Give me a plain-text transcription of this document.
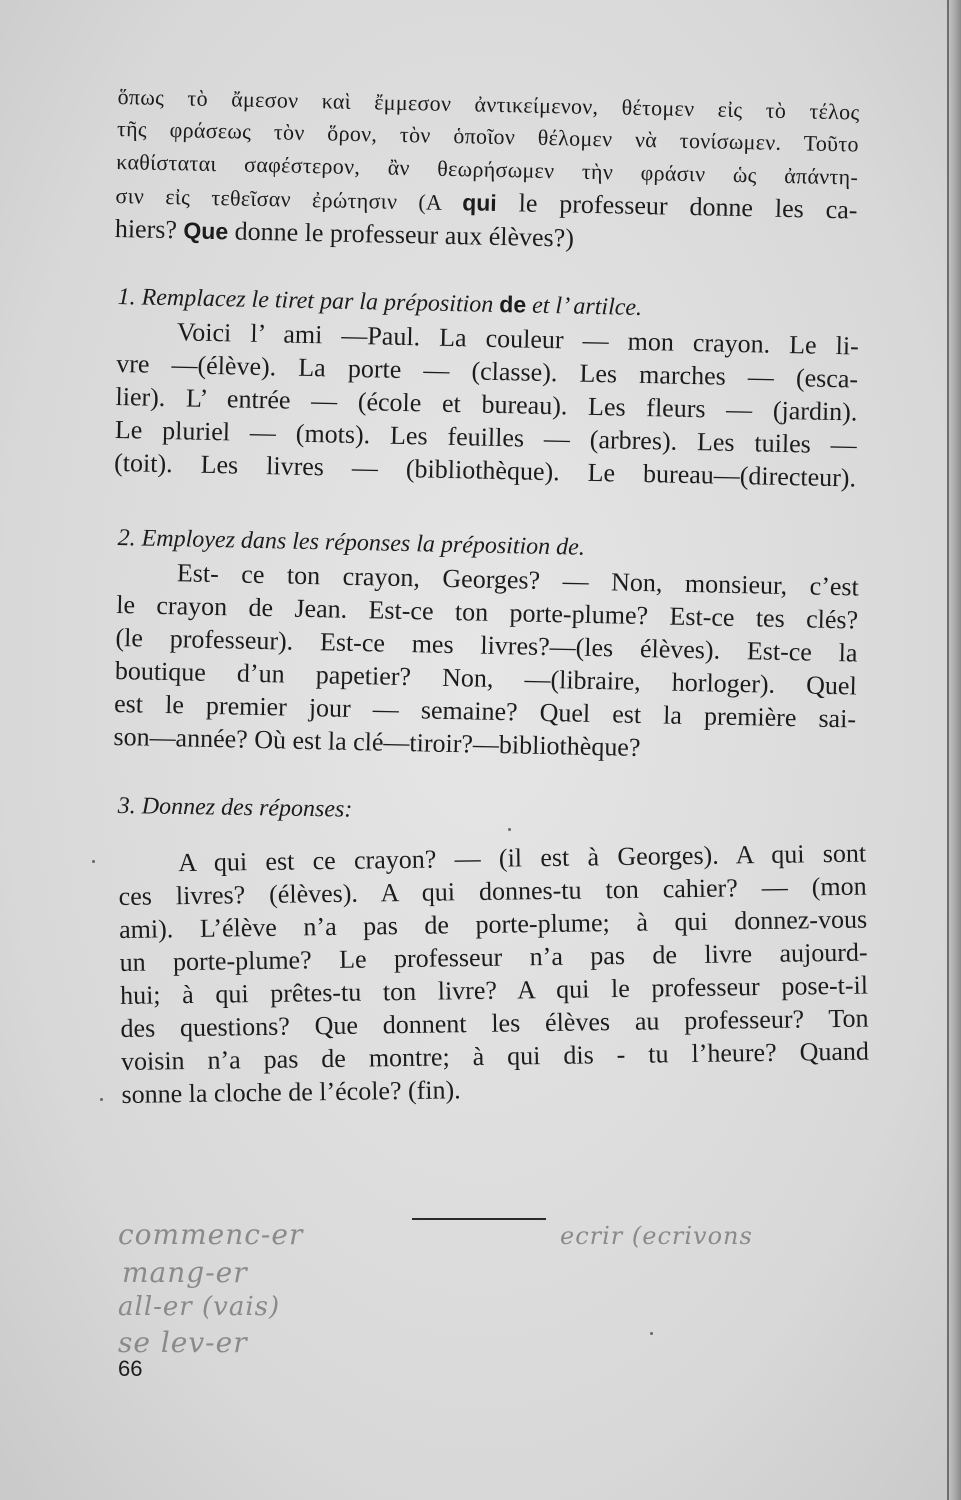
ὅπως τὸ ἄμεσον καὶ ἔμμεσον ἀντικείμενον, θέτομεν εἰς τὸ τέλος
τῆς φράσεως τὸν ὅρον, τὸν ὁποῖον θέλομεν νὰ τονίσωμεν. Τοῦτο
καθίσταται σαφέστερον, ἂν θεωρήσωμεν τὴν φράσιν ὡς ἀπάντη-
σιν εἰς τεθεῖσαν ἐρώτησιν (A qui le professeur donne les ca-
hiers? Que donne le professeur aux élèves?)
1. Remplacez le tiret par la préposition de et l’ artilce.
Voici l’ ami —Paul. La couleur — mon crayon. Le li-
vre —(élève). La porte — (classe). Les marches — (esca-
lier). L’ entrée — (école et bureau). Les fleurs — (jardin).
Le pluriel — (mots). Les feuilles — (arbres). Les tuiles —
(toit). Les livres — (bibliothèque). Le bureau—(directeur).
2. Employez dans les réponses la préposition de.
Est- ce ton crayon, Georges? — Non, monsieur, c’est
le crayon de Jean. Est-ce ton porte-plume? Est-ce tes clés?
(le professeur). Est-ce mes livres?—(les élèves). Est-ce la
boutique d’un papetier? Non, —(libraire, horloger). Quel
est le premier jour — semaine? Quel est la première sai-
son—année? Où est la clé—tiroir?—bibliothèque?
3. Donnez des réponses:
A qui est ce crayon? — (il est à Georges). A qui sont
ces livres? (élèves). A qui donnes-tu ton cahier? — (mon
ami). L’élève n’a pas de porte-plume; à qui donnez-vous
un porte-plume? Le professeur n’a pas de livre aujourd-
hui; à qui prêtes-tu ton livre? A qui le professeur pose-t-il
des questions? Que donnent les élèves au professeur? Ton
voisin n’a pas de montre; à qui dis - tu l’heure? Quand
sonne la cloche de l’école? (fin).
commenc-er
mang-er
all-er (vais)
se lev-er
ecrir (ecrivons
66
